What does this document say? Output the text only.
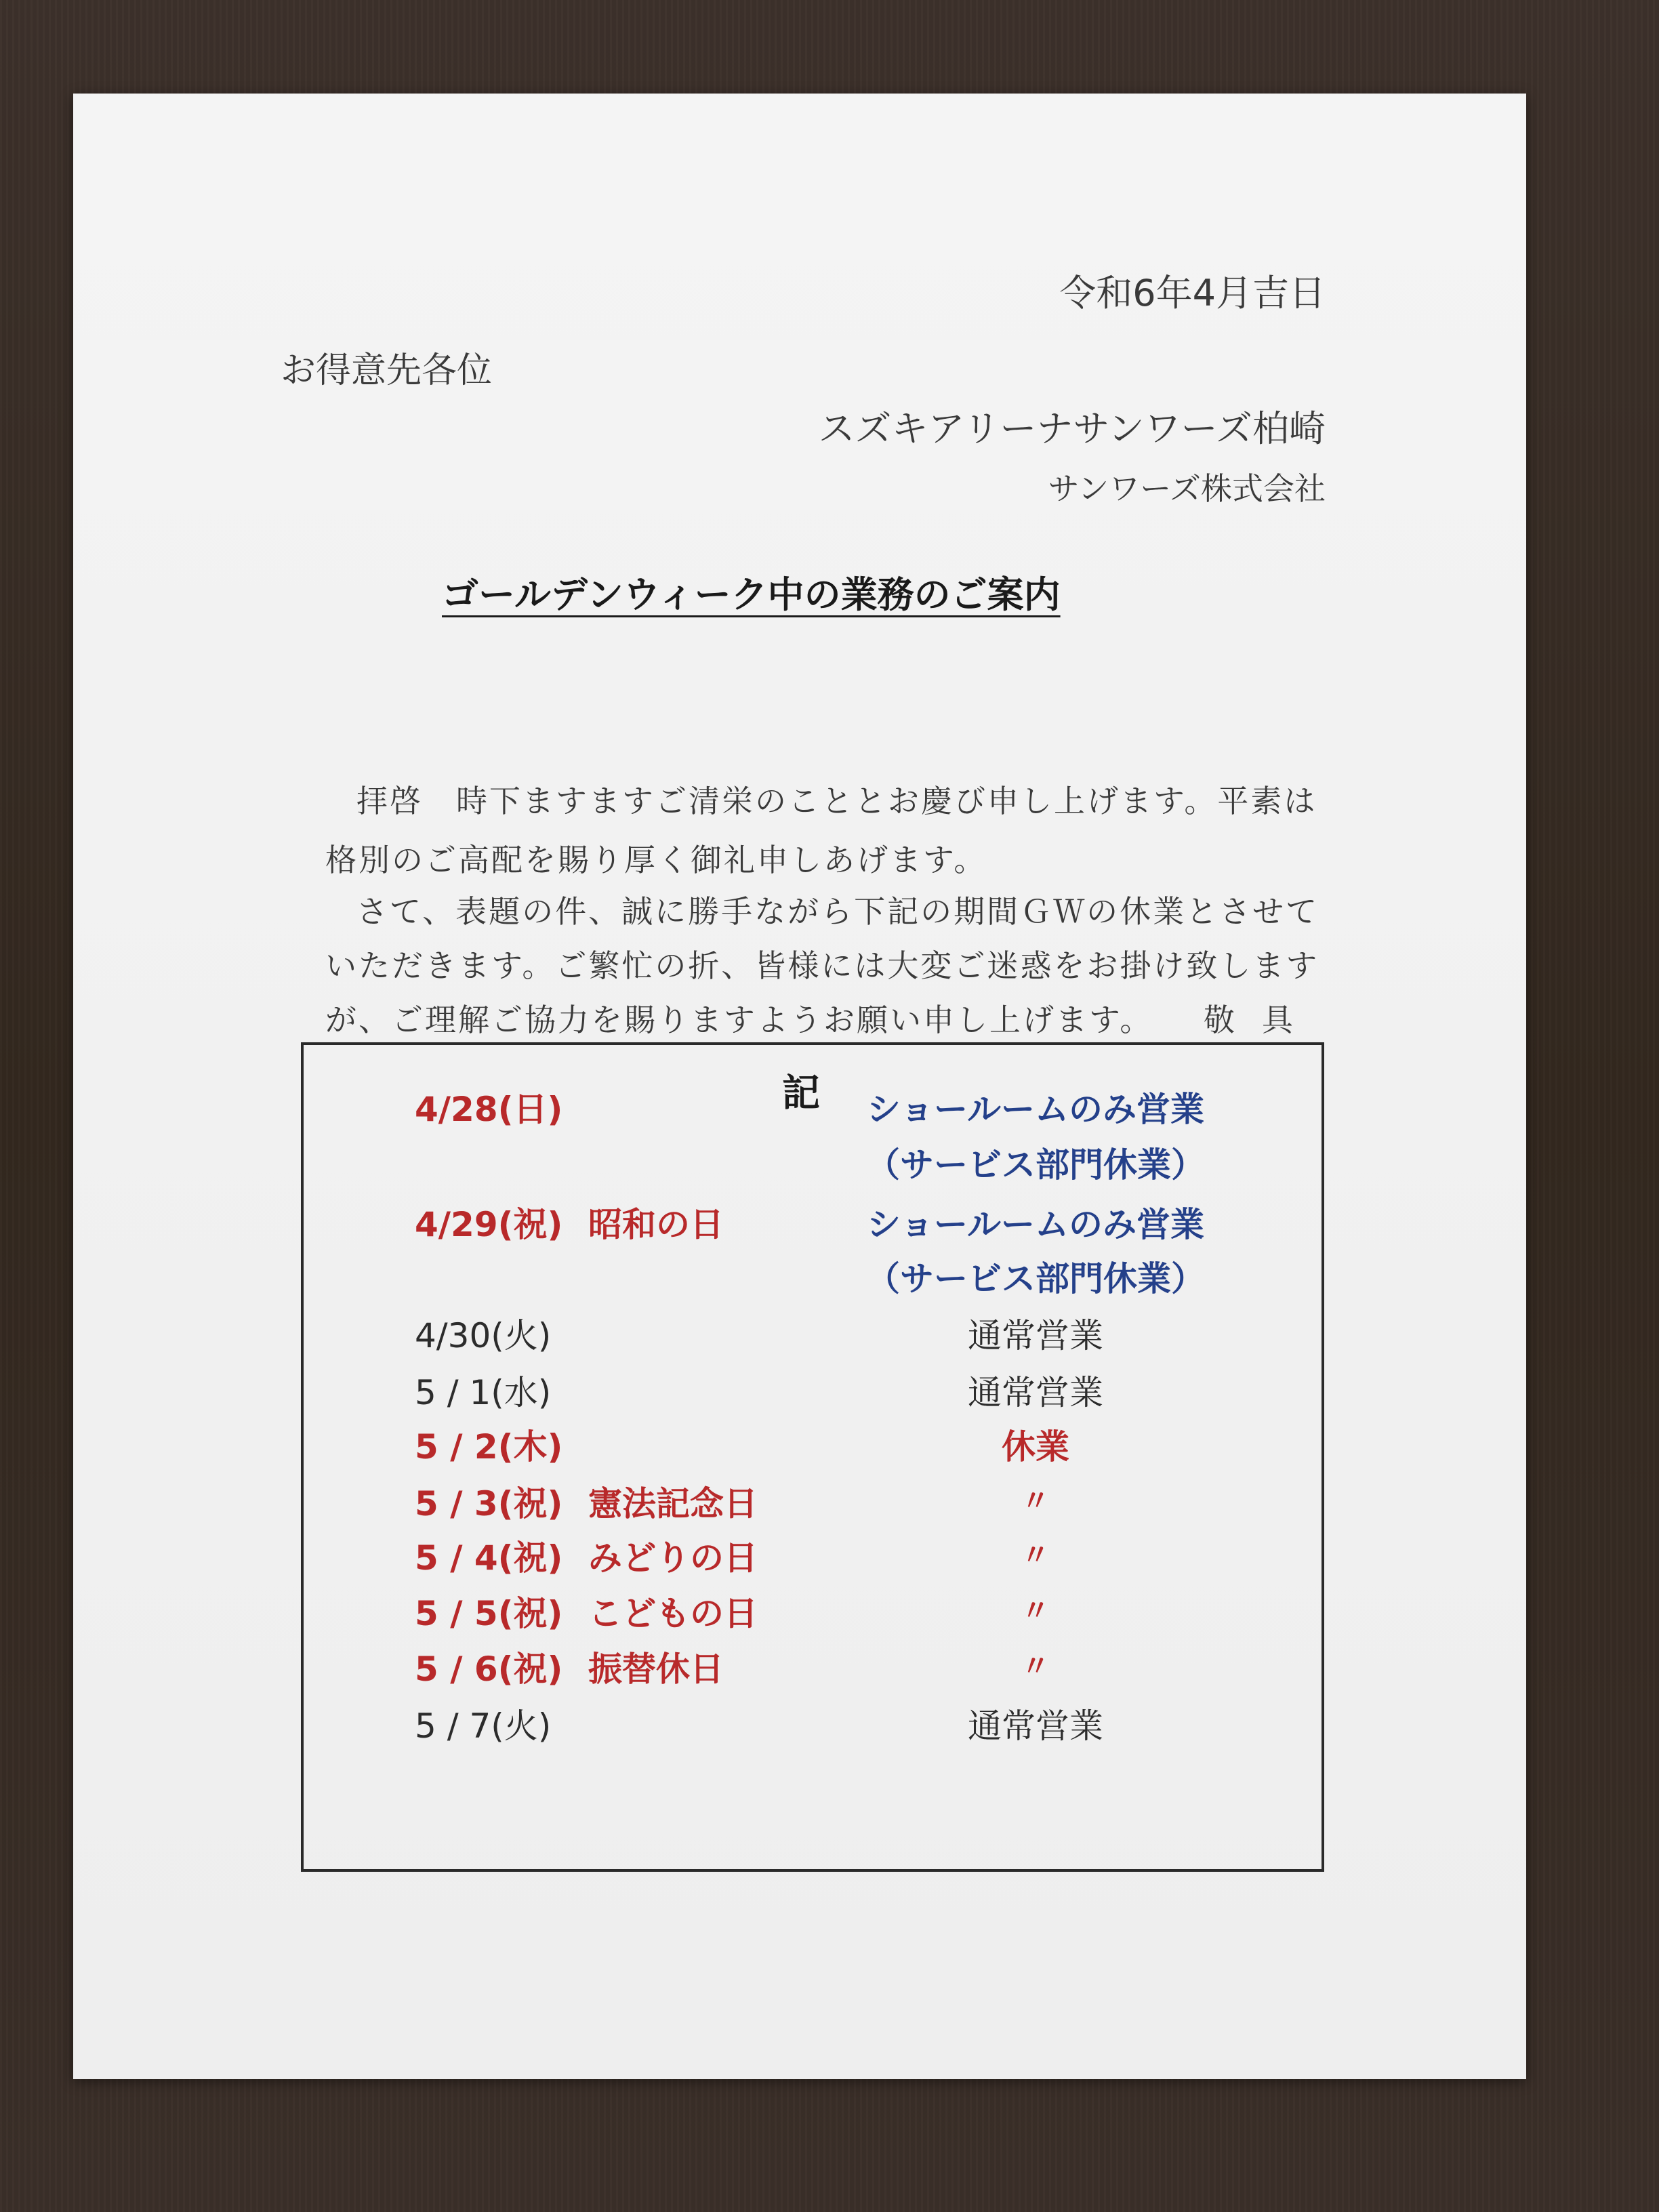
令和6年4月吉日
お得意先各位
スズキアリーナサンワーズ柏崎
サンワーズ株式会社
ゴールデンウィーク中の業務のご案内
拝啓　時下ますますご清栄のこととお慶び申し上げます。平素は
格別のご高配を賜り厚く御礼申しあげます。
さて、表題の件、誠に勝手ながら下記の期間ＧＷの休業とさせて
いただきます。ご繁忙の折、皆様には大変ご迷惑をお掛け致します
が、ご理解ご協力を賜りますようお願い申し上げます。 敬具
記
4/28(日)	ショールームのみ営業
（サービス部門休業）
4/29(祝) 昭和の日	ショールームのみ営業
（サービス部門休業）
4/30(火)	通常営業
5 / 1(水)	通常営業
5 / 2(木)	休業
5 / 3(祝) 憲法記念日	〃
5 / 4(祝) みどりの日	〃
5 / 5(祝) こどもの日	〃
5 / 6(祝) 振替休日	〃
5 / 7(火)	通常営業
